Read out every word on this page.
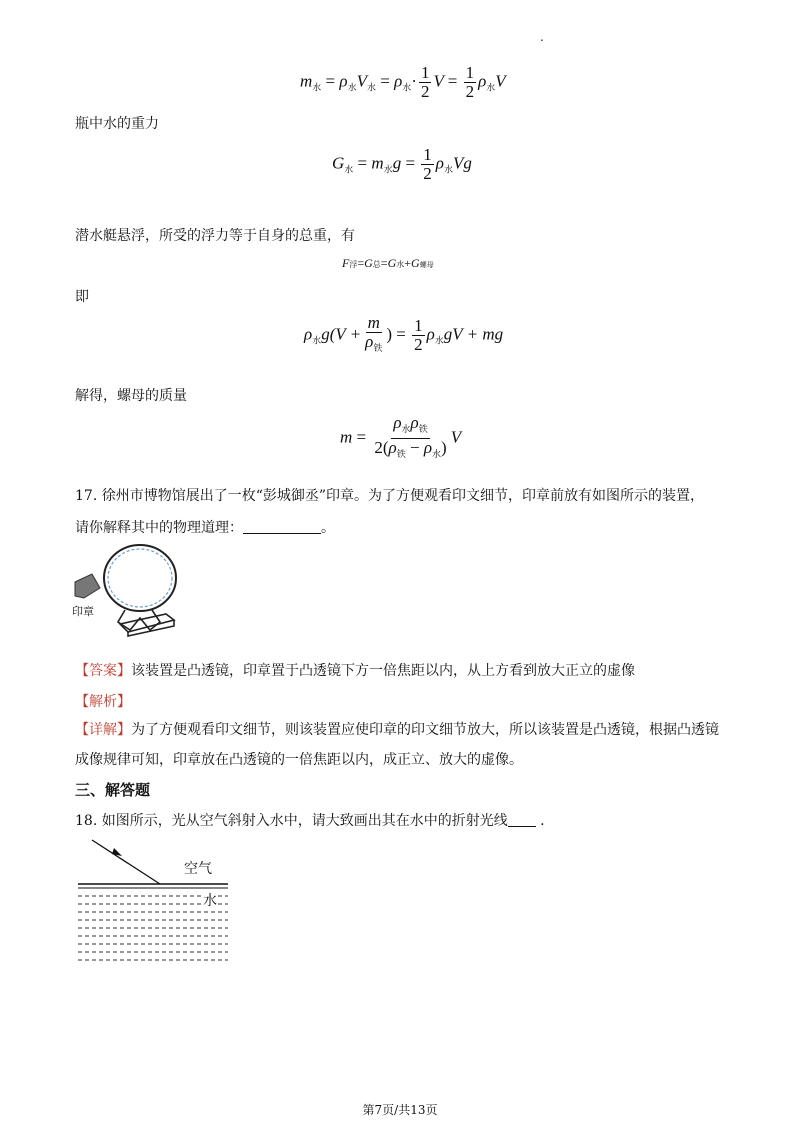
.
$m_水 = \rho_水V_水 = \rho_水\cdot \frac{1}{2}$ $V = \frac{1}{2} \rho_水V$
瓶中水的重力
$G_水 = m_水g = \frac{1}{2} \rho_水Vg$
潜水艇悬浮，所受的浮力等于自身的总重，有
F浮=G总=G水+G螺母
即
$\rho_水g(V + \frac{m}{\rho_铁}$ ) = $\frac{1}{2} \rho_水gV$ + mg
解得，螺母的质量
$m = \frac{\rho_水\rho_铁}{2(\rho_铁 - \rho_水)}$ V
17. 徐州市博物馆展出了一枚“彭城御丞”印章。为了方便观看印文细节，印章前放有如图所示的装置，
请你解释其中的物理道理：	。
印章
【答案】该装置是凸透镜，印章置于凸透镜下方一倍焦距以内，从上方看到放大正立的虚像
【解析】
【详解】为了方便观看印文细节，则该装置应使印章的印文细节放大，所以该装置是凸透镜，根据凸透镜
成像规律可知，印章放在凸透镜的一倍焦距以内，成正立、放大的虚像。
三、解答题
18. 如图所示，光从空气斜射入水中，请大致画出其在水中的折射光线 .
空气
水
第7页/共13页
